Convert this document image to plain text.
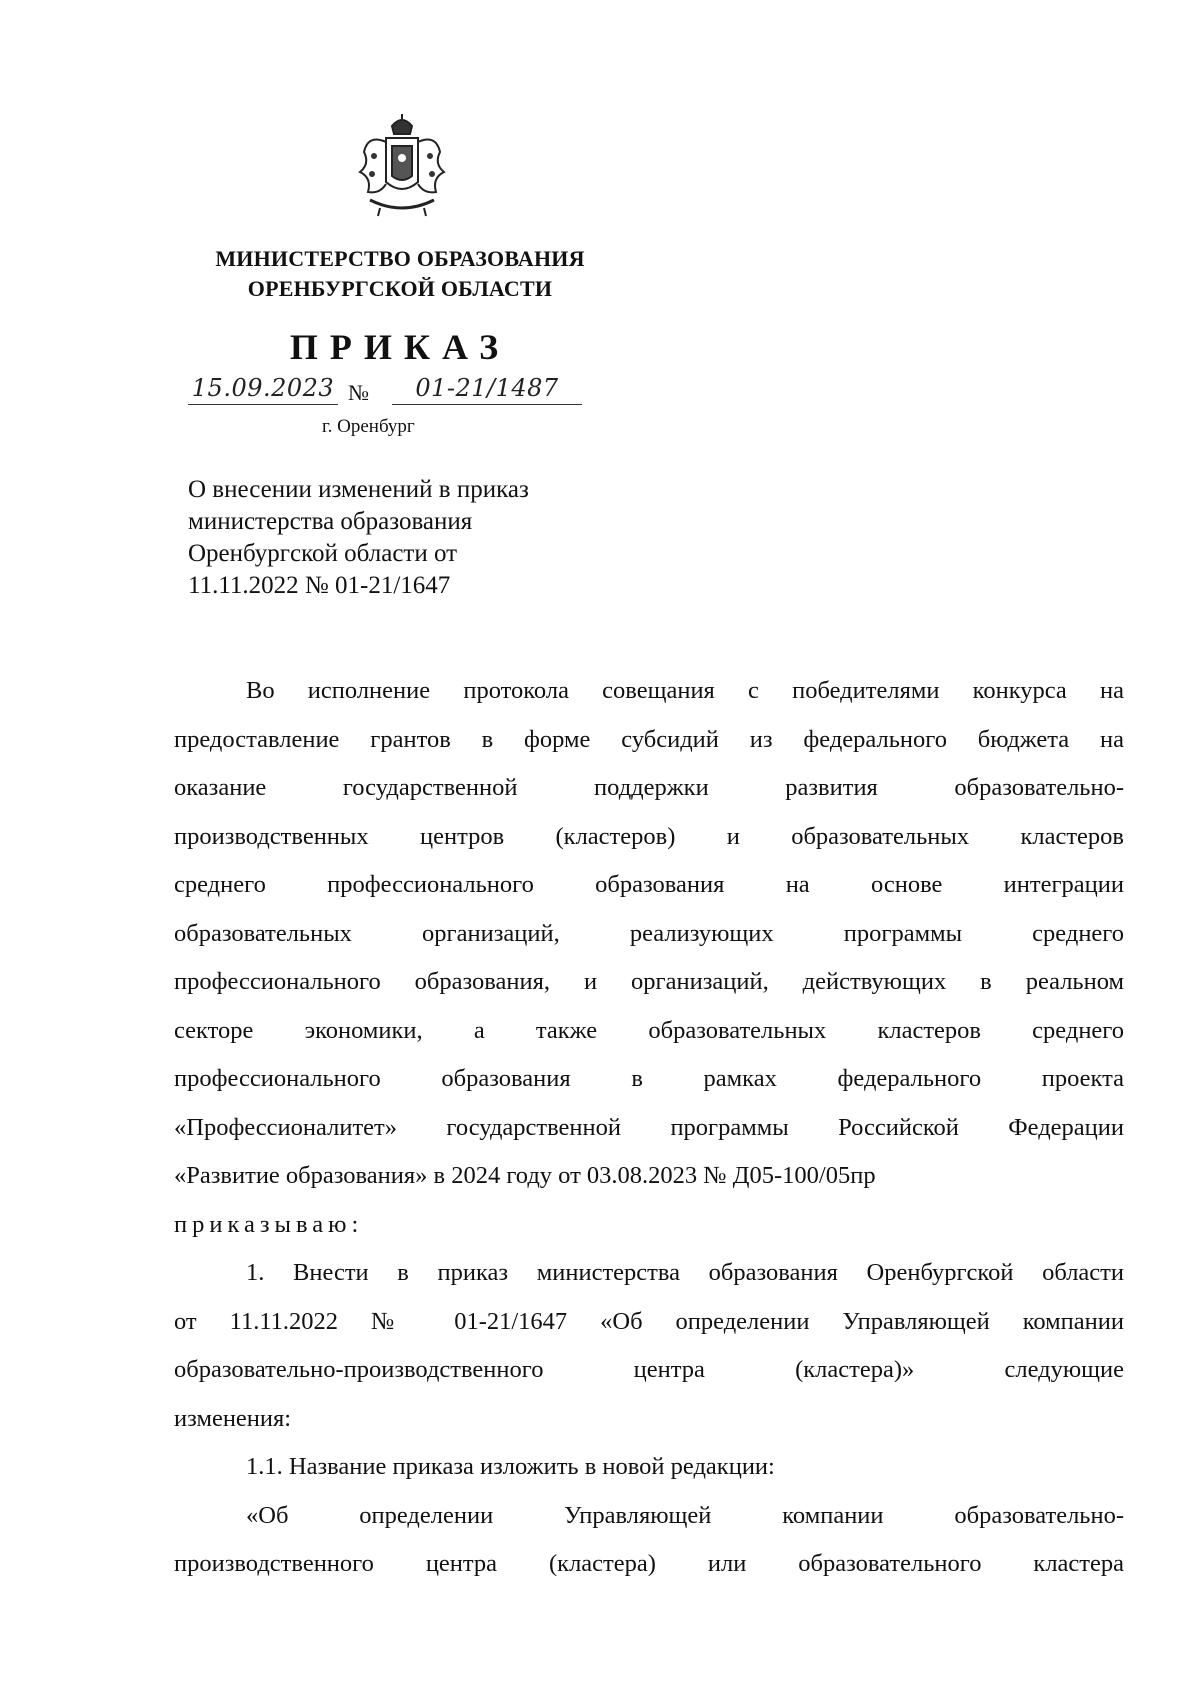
МИНИСТЕРСТВО ОБРАЗОВАНИЯ
ОРЕНБУРГСКОЙ ОБЛАСТИ
ПРИКАЗ
15.09.2023 №	01-21/1487
г. Оренбург
О внесении изменений в приказ
министерства образования
Оренбургской области от
11.11.2022 № 01-21/1647
Во исполнение протокола совещания с победителями конкурса на
предоставление грантов в форме субсидий из федерального бюджета на
оказание государственной поддержки развития образовательно-
производственных центров (кластеров) и образовательных кластеров
среднего профессионального образования на основе интеграции
образовательных организаций, реализующих программы среднего
профессионального образования, и организаций, действующих в реальном
секторе экономики, а также образовательных кластеров среднего
профессионального образования в рамках федерального проекта
«Профессионалитет» государственной программы Российской Федерации
«Развитие образования» в 2024 году от 03.08.2023 № Д05-100/05пр
приказываю:
1. Внести в приказ министерства образования Оренбургской области
от 11.11.2022 № 01-21/1647 «Об определении Управляющей компании
образовательно-производственного центра (кластера)» следующие
изменения:
1.1. Название приказа изложить в новой редакции:
«Об определении Управляющей компании образовательно-
производственного центра (кластера) или образовательного кластера
